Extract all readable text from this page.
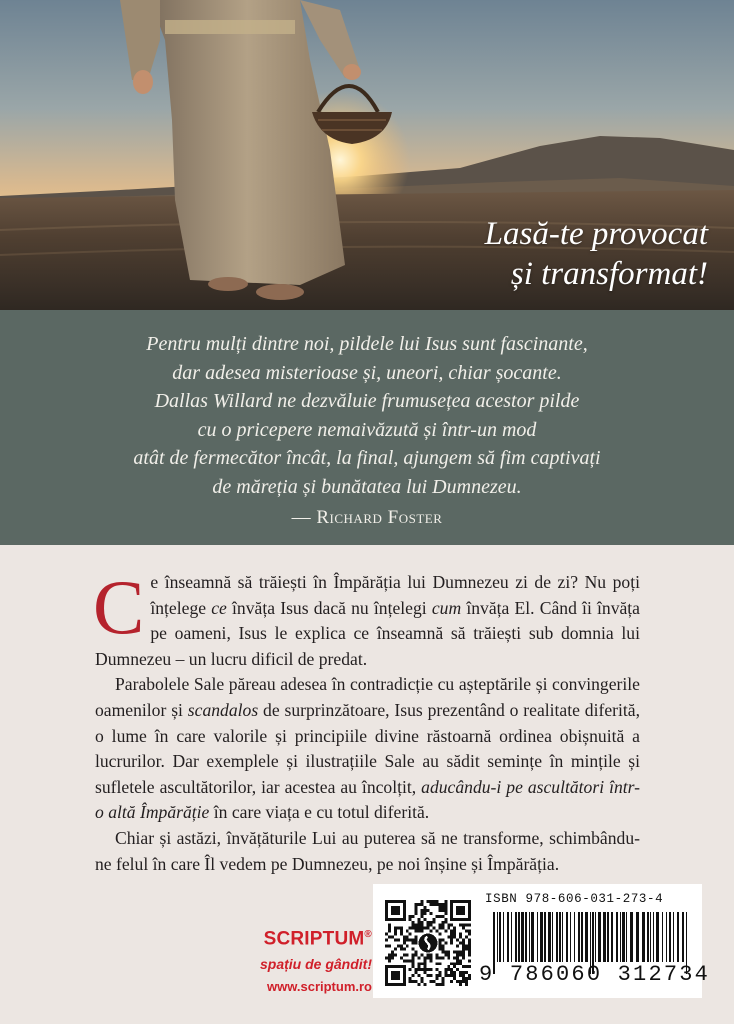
Lasă-te provocat
și transformat!
Pentru mulți dintre noi, pildele lui Isus sunt fascinante,
dar adesea misterioase și, uneori, chiar șocante.
Dallas Willard ne dezvăluie frumusețea acestor pilde
cu o pricepere nemaivăzută și într-un mod
atât de fermecător încât, la final, ajungem să fim captivați
de măreția și bunătatea lui Dumnezeu.
— Richard Foster

Ce înseamnă să trăiești în Împărăția lui Dumnezeu zi de zi? Nu poți înțelege ce învăța Isus dacă nu înțelegi cum învăța El. Când îi învăța pe oameni, Isus le explica ce înseamnă să trăiești sub domnia lui Dumnezeu – un lucru dificil de predat.

Parabolele Sale păreau adesea în contradicție cu așteptările și convingerile oamenilor și scandalos de surprinzătoare, Isus prezentând o realitate diferită, o lume în care valorile și principiile divine răstoarnă ordinea obișnuită a lucrurilor. Dar exemplele și ilustrațiile Sale au sădit semințe în mințile și sufletele ascultătorilor, iar acestea au încolțit, aducându-i pe ascultători într-o altă Împărăție în care viața e cu totul diferită.

Chiar și astăzi, învățăturile Lui au puterea să ne transforme, schimbându-ne felul în care Îl vedem pe Dumnezeu, pe noi înșine și Împărăția.

SCRIPTUM®
spațiu de gândit!
www.scriptum.ro
ISBN 978-606-031-273-4
9 786060 312734
